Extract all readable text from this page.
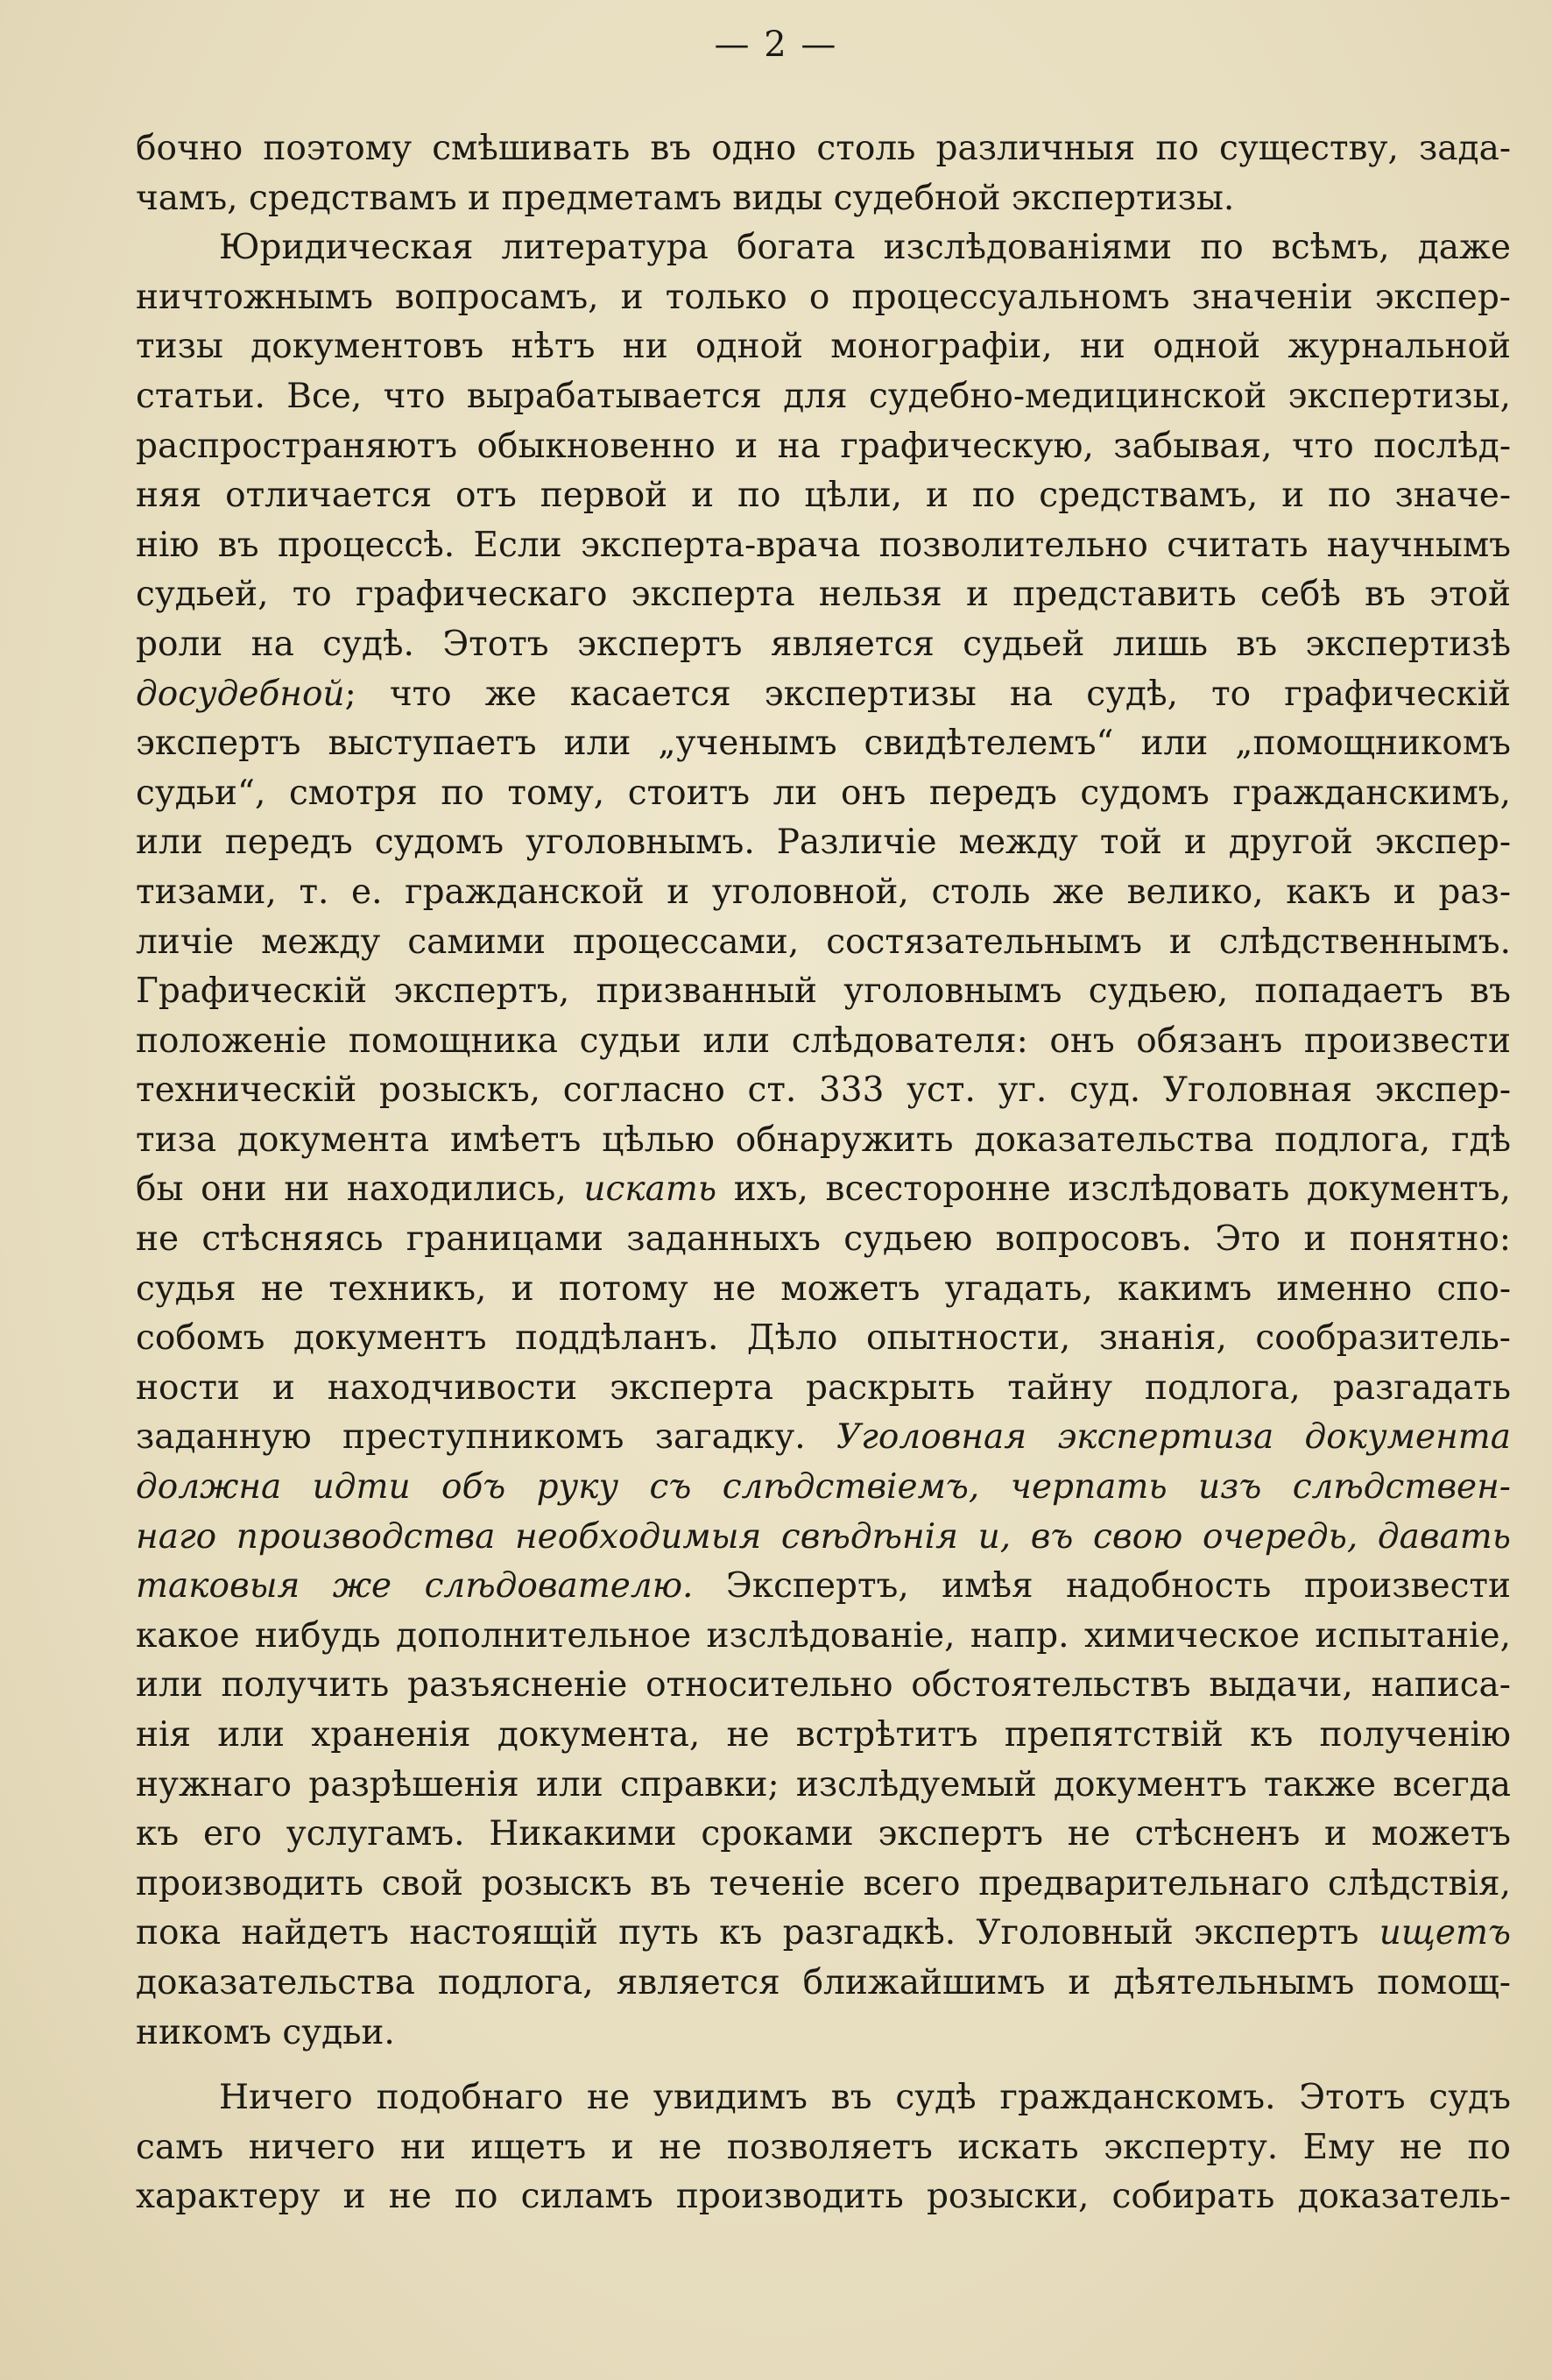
— 2 —
бочно поэтому смѣшивать въ одно столь различныя по существу, зада-
чамъ, средствамъ и предметамъ виды судебной экспертизы.
Юридическая литература богата изслѣдованіями по всѣмъ, даже
ничтожнымъ вопросамъ, и только о процессуальномъ значеніи экспер-
тизы документовъ нѣтъ ни одной монографіи, ни одной журнальной
статьи. Все, что вырабатывается для судебно-медицинской экспертизы,
распространяютъ обыкновенно и на графическую, забывая, что послѣд-
няя отличается отъ первой и по цѣли, и по средствамъ, и по значе-
нію въ процессѣ. Если эксперта-врача позволительно считать научнымъ
судьей, то графическаго эксперта нельзя и представить себѣ въ этой
роли на судѣ. Этотъ экспертъ является судьей лишь въ экспертизѣ
досудебной; что же касается экспертизы на судѣ, то графическій
экспертъ выступаетъ или „ученымъ свидѣтелемъ“ или „помощникомъ
судьи“, смотря по тому, стоитъ ли онъ передъ судомъ гражданскимъ,
или передъ судомъ уголовнымъ. Различіе между той и другой экспер-
тизами, т. е. гражданской и уголовной, столь же велико, какъ и раз-
личіе между самими процессами, состязательнымъ и слѣдственнымъ.
Графическій экспертъ, призванный уголовнымъ судьею, попадаетъ въ
положеніе помощника судьи или слѣдователя: онъ обязанъ произвести
техническій розыскъ, согласно ст. 333 уст. уг. суд. Уголовная экспер-
тиза документа имѣетъ цѣлью обнаружить доказательства подлога, гдѣ
бы они ни находились, искать ихъ, всесторонне изслѣдовать документъ,
не стѣсняясь границами заданныхъ судьею вопросовъ. Это и понятно:
судья не техникъ, и потому не можетъ угадать, какимъ именно спо-
собомъ документъ поддѣланъ. Дѣло опытности, знанія, сообразитель-
ности и находчивости эксперта раскрыть тайну подлога, разгадать
заданную преступникомъ загадку. Уголовная экспертиза документа
должна идти объ руку съ слѣдствіемъ, черпать изъ слѣдствен-
наго производства необходимыя свѣдѣнія и, въ свою очередь, давать
таковыя же слѣдователю. Экспертъ, имѣя надобность произвести
какое нибудь дополнительное изслѣдованіе, напр. химическое испытаніе,
или получить разъясненіе относительно обстоятельствъ выдачи, написа-
нія или храненія документа, не встрѣтитъ препятствій къ полученію
нужнаго разрѣшенія или справки; изслѣдуемый документъ также всегда
къ его услугамъ. Никакими сроками экспертъ не стѣсненъ и можетъ
производить свой розыскъ въ теченіе всего предварительнаго слѣдствія,
пока найдетъ настоящій путь къ разгадкѣ. Уголовный экспертъ ищетъ
доказательства подлога, является ближайшимъ и дѣятельнымъ помощ-
никомъ судьи.
Ничего подобнаго не увидимъ въ судѣ гражданскомъ. Этотъ судъ
самъ ничего ни ищетъ и не позволяетъ искать эксперту. Ему не по
характеру и не по силамъ производить розыски, собирать доказатель-
